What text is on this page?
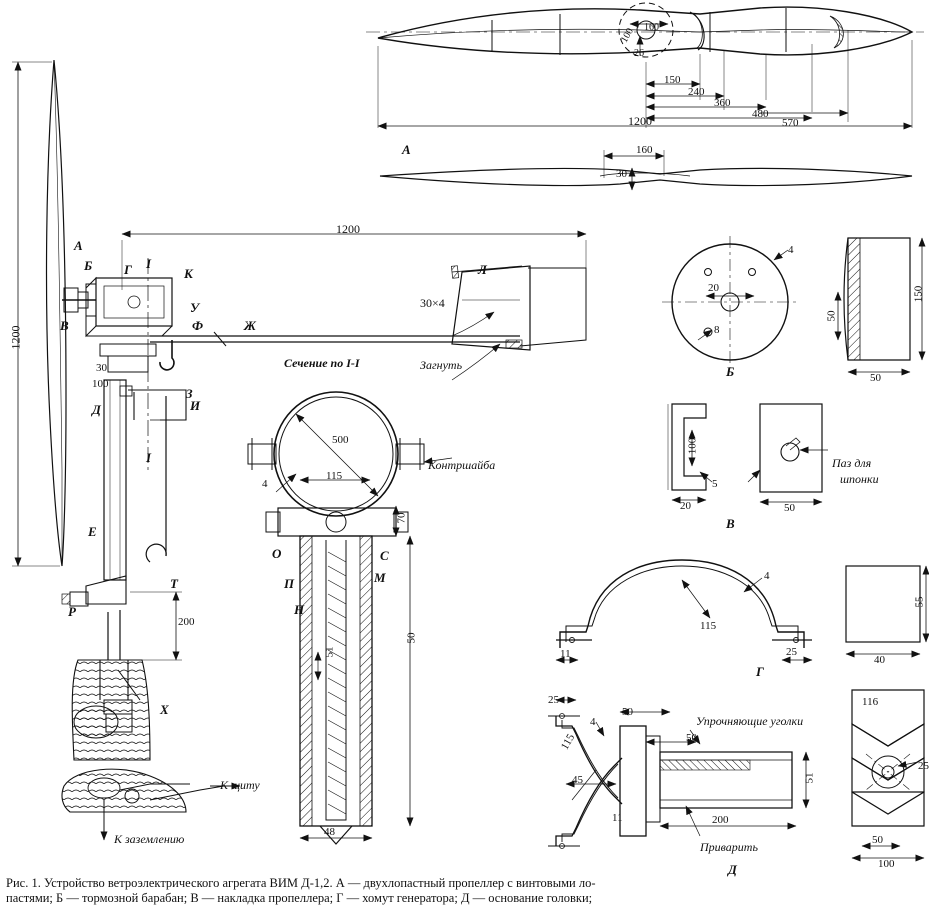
160
100
26
150
240
360
480
570
1200
А	160
30
1200
1200
А
Б Г I
К
У
Ф	Ж
Л
30×4
Загнуть
В
30
100
З
И
Д
I
Е
Т
Р
200
Х
К щиту
К заземлению
Сечение по I-I
500
115
4
Контршайба
70
50
51
48
О
П
Н
С
М
20
8
4
150
50
50
Б
100
5
20	50
Паз для
шпонки
В
4
115
11	25
55
40
Г
25
4
50
115
45
11
50
51
200
116
25
50
100
Упрочняющие уголки
Приварить
Д
Рис. 1. Устройство ветроэлектрического агрегата ВИМ Д-1,2. А — двухлопастный пропеллер с винтовыми ло-
пастями; Б — тормозной барабан; В — накладка пропеллера; Г — хомут генератора; Д — основание головки;
